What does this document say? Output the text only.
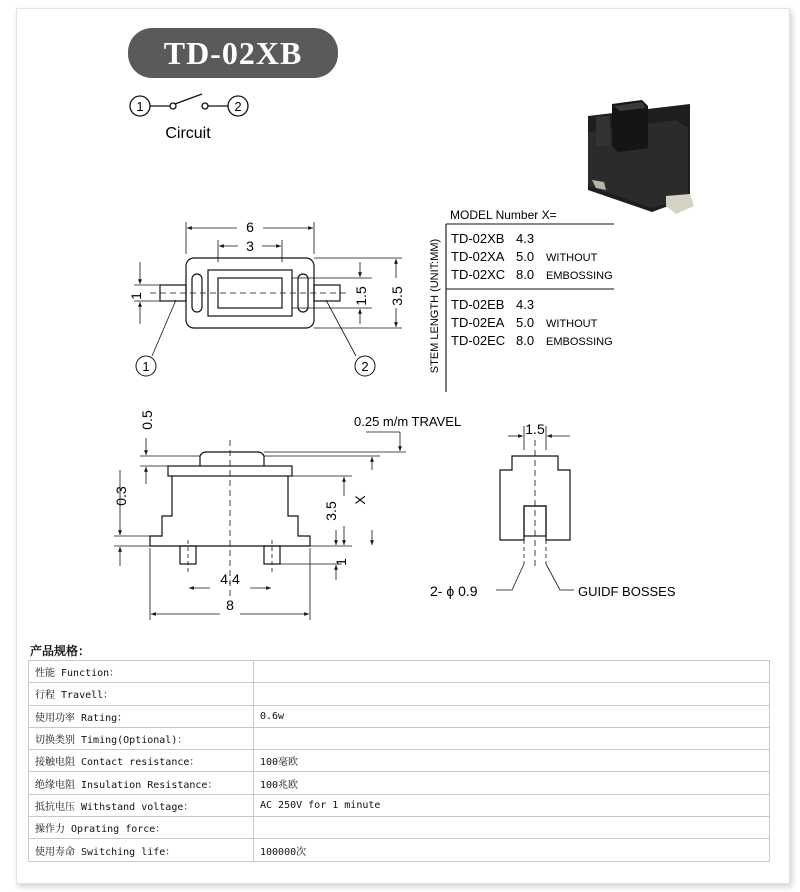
TD-02XB
1	2
Circuit
6
3
1	1.5 3.5
1	2	STEM LENGTH (UNIT:MM)
MODEL Number X=
TD-02XB 4.3
TD-02XA 5.0 WITHOUT
TD-02XC 8.0 EMBOSSING
TD-02EB 4.3
TD-02EA 5.0 WITHOUT
TD-02EC 8.0 EMBOSSING
0.5
0.3
3.5
X
1
4.4
8
0.25 m/m TRAVEL	1.5
2- ϕ 0.9	GUIDF BOSSES
产品规格：
性能 Function：	
行程 Travell：	
使用功率 Rating：	0.6w
切换类别 Timing(Optional)：	
接触电阻 Contact resistance：	100毫欧
绝缘电阻 Insulation Resistance：	100兆欧
抵抗电压 Withstand voltage：	AC 250V for 1 minute
操作力 Oprating force：	
使用寿命 Switching life：	100000次
